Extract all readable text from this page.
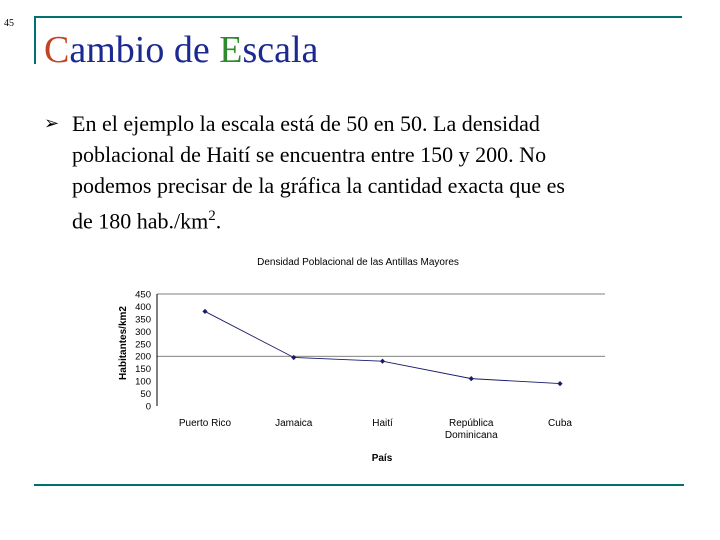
45
Cambio de Escala
➢ En el ejemplo la escala está de 50 en 50. La densidad
poblacional de Haití se encuentra entre 150 y 200. No
podemos precisar de la gráfica la cantidad exacta que es
de 180 $hab./km^2$.
Densidad Poblacional de las Antillas Mayores
Habitantes/km2
País
0
50
100
150
200
250
300
350
400
450
Puerto Rico	Jamaica	Haití	República
Dominicana
Cuba
